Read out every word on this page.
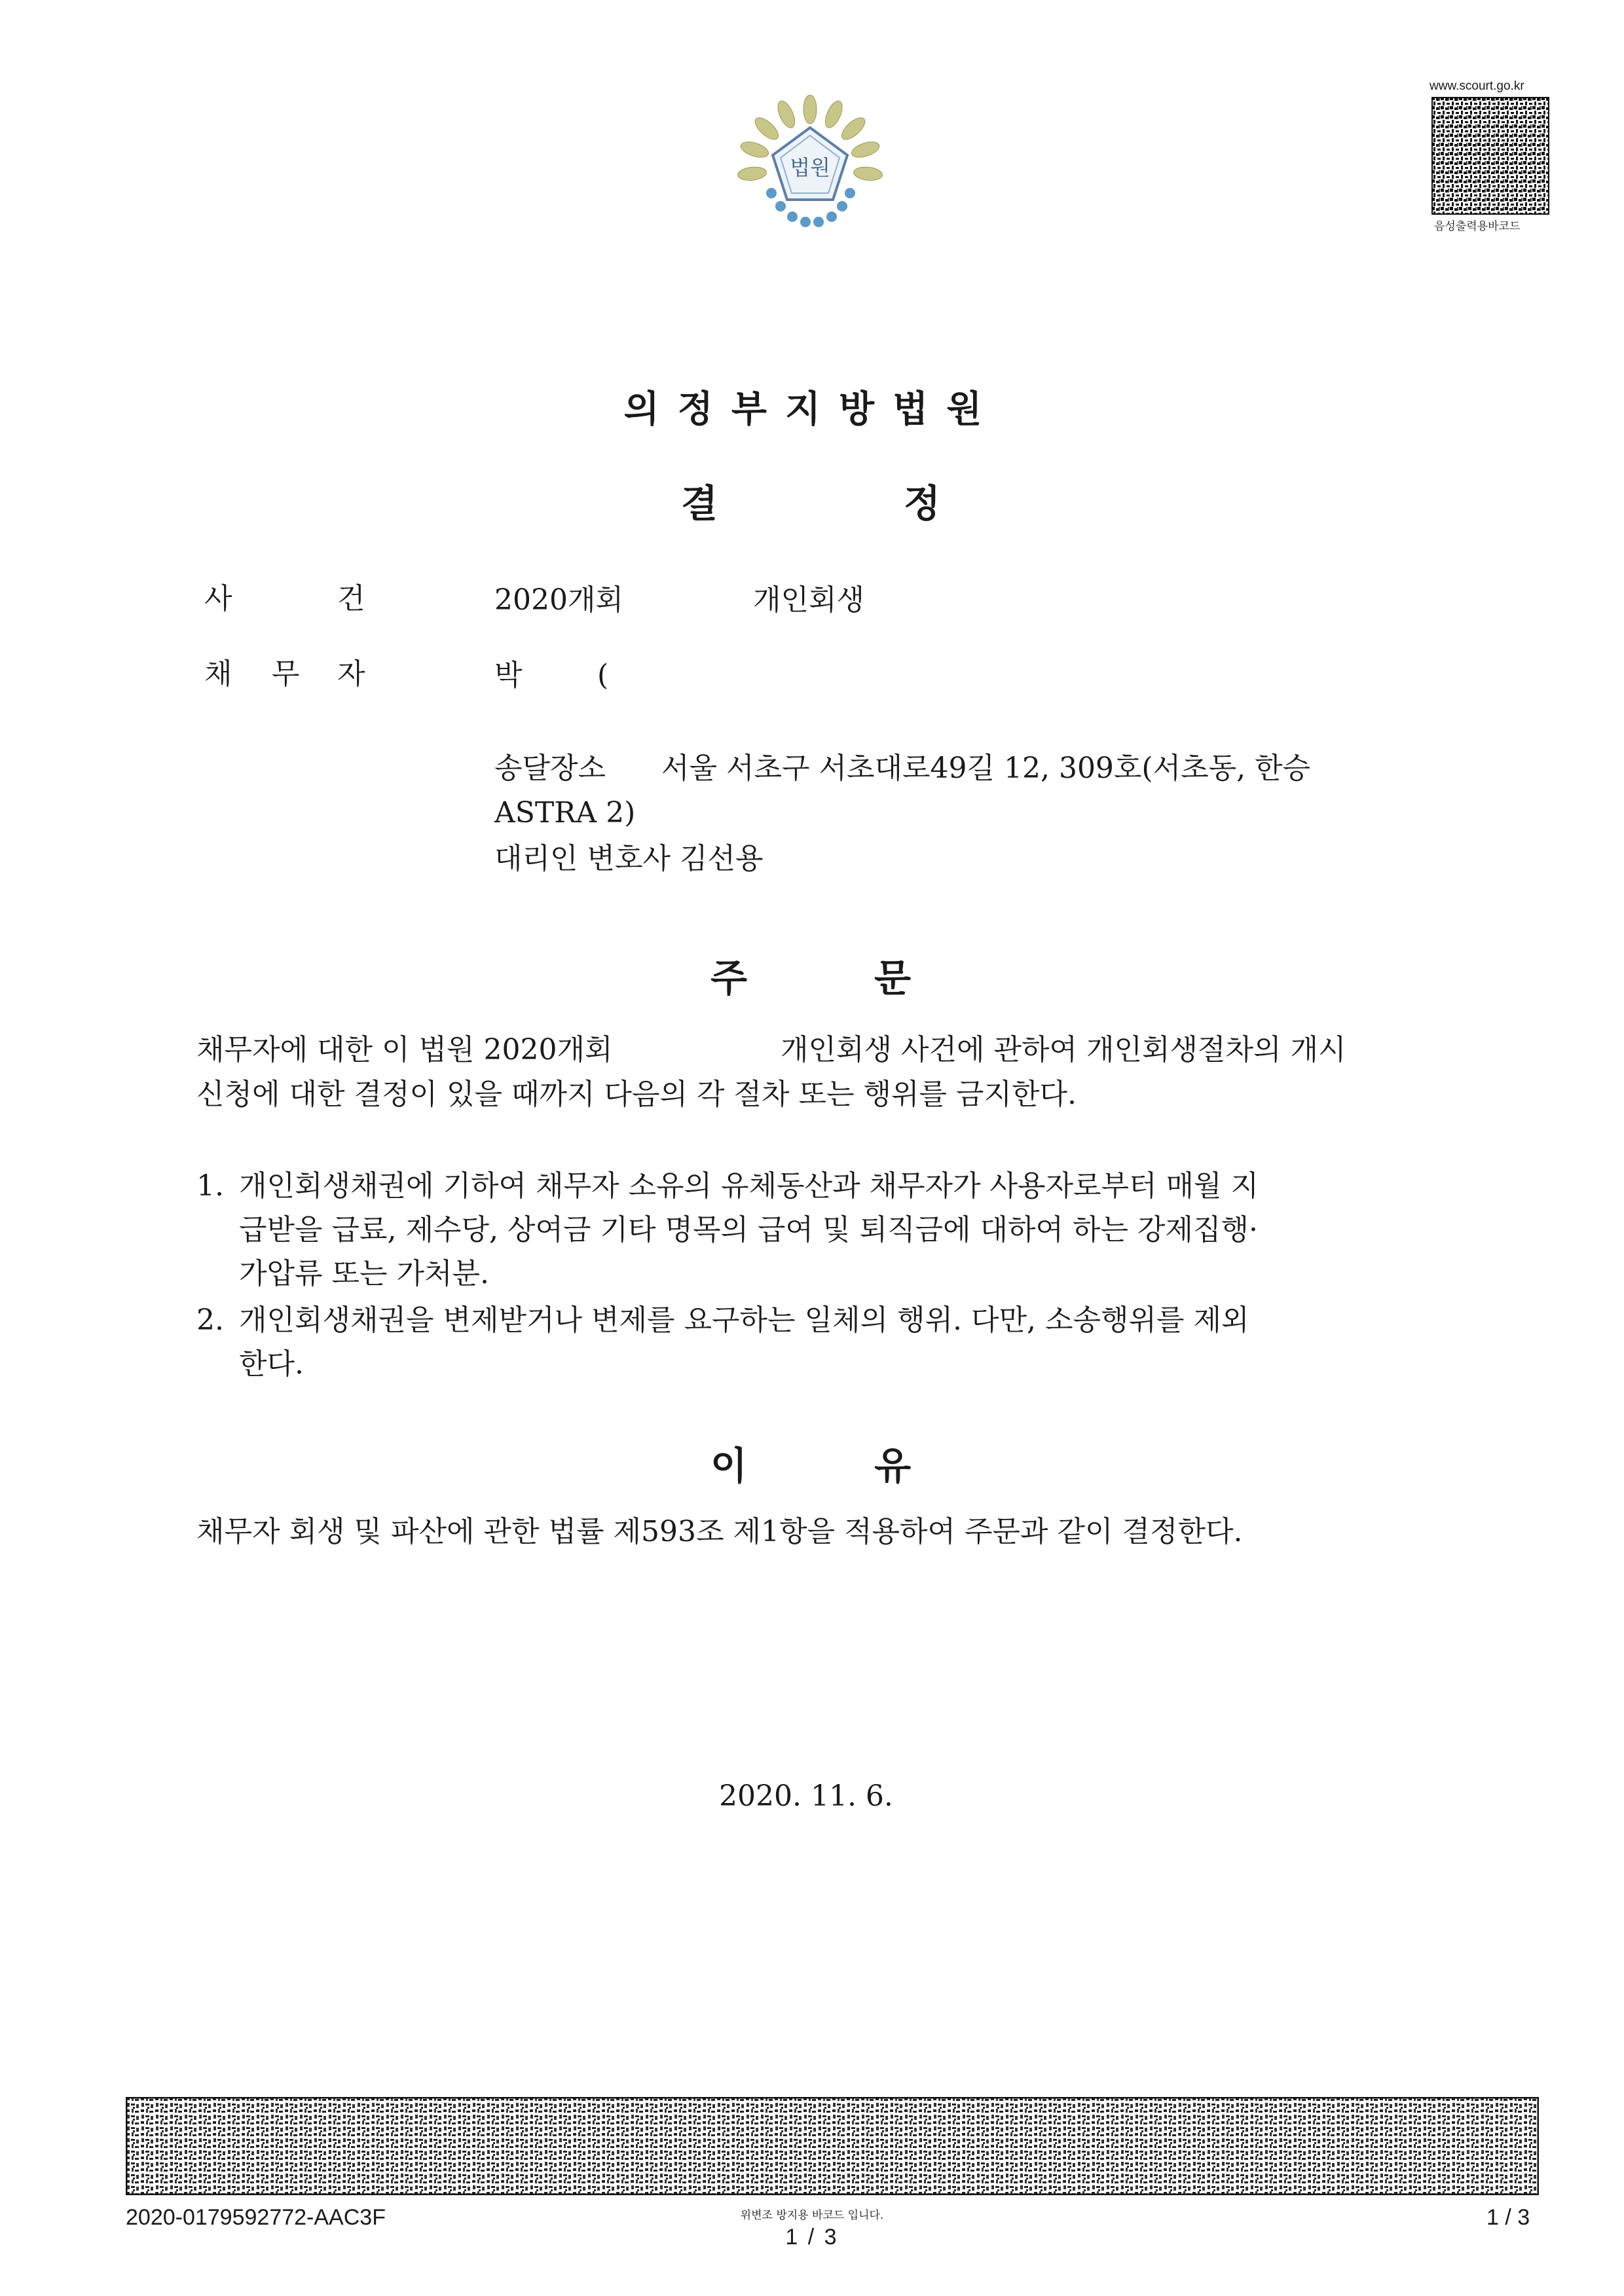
법원
www.scourt.go.kr
음성출력용바코드
의정부지방법원
결	정
사	건	2020개회	개인회생
채 무 자	박	(
송달장소 서울 서초구 서초대로49길 12, 309호(서초동, 한승
ASTRA 2)
대리인 변호사 김선용
주	문
채무자에 대한 이 법원 2020개회	개인회생 사건에 관하여 개인회생절차의 개시
신청에 대한 결정이 있을 때까지 다음의 각 절차 또는 행위를 금지한다.
1. 개인회생채권에 기하여 채무자 소유의 유체동산과 채무자가 사용자로부터 매월 지
급받을 급료, 제수당, 상여금 기타 명목의 급여 및 퇴직금에 대하여 하는 강제집행·
가압류 또는 가처분.
2. 개인회생채권을 변제받거나 변제를 요구하는 일체의 행위. 다만, 소송행위를 제외
한다.
이	유
채무자 회생 및 파산에 관한 법률 제593조 제1항을 적용하여 주문과 같이 결정한다.
2020. 11. 6.
2020-0179592772-AAC3F	위변조 방지용 바코드 입니다.
1 / 3
1 / 3
